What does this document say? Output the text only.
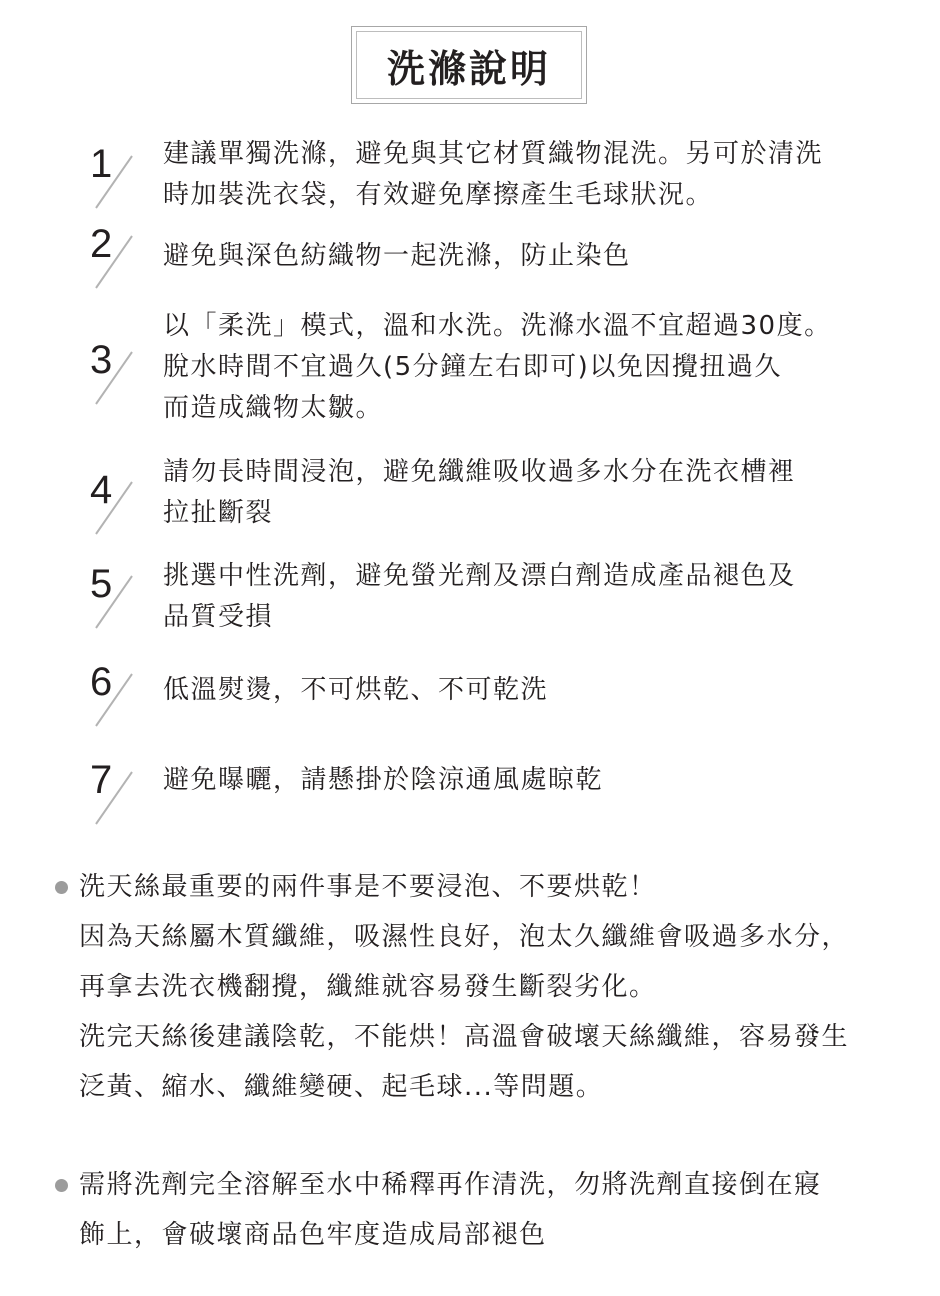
洗滌說明
1 建議單獨洗滌，避免與其它材質織物混洗。另可於清洗
時加裝洗衣袋，有效避免摩擦產生毛球狀況。
2 避免與深色紡織物一起洗滌，防止染色
3
以「柔洗」模式，溫和水洗。洗滌水溫不宜超過30度。
脫水時間不宜過久(5分鐘左右即可)以免因攪扭過久
而造成織物太皺。
4 請勿長時間浸泡，避免纖維吸收過多水分在洗衣槽裡
拉扯斷裂
5 挑選中性洗劑，避免螢光劑及漂白劑造成產品褪色及
品質受損
6 低溫熨燙，不可烘乾、不可乾洗
7 避免曝曬，請懸掛於陰涼通風處晾乾
洗天絲最重要的兩件事是不要浸泡、不要烘乾！
因為天絲屬木質纖維，吸濕性良好，泡太久纖維會吸過多水分，
再拿去洗衣機翻攪，纖維就容易發生斷裂劣化。
洗完天絲後建議陰乾，不能烘！高溫會破壞天絲纖維，容易發生
泛黃、縮水、纖維變硬、起毛球...等問題。
需將洗劑完全溶解至水中稀釋再作清洗，勿將洗劑直接倒在寢
飾上，會破壞商品色牢度造成局部褪色
